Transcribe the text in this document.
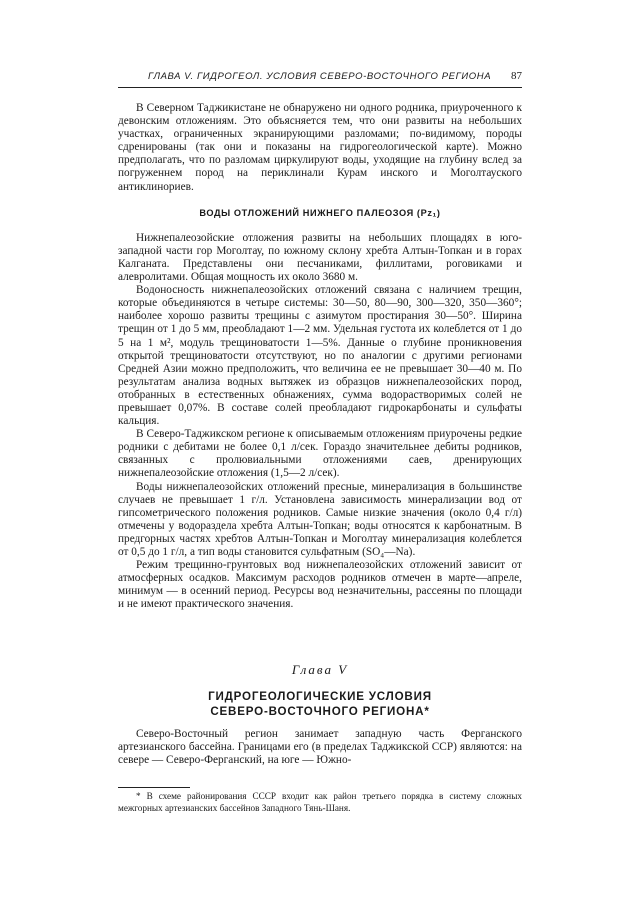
ГЛАВА V. ГИДРОГЕОЛ. УСЛОВИЯ СЕВЕРО-ВОСТОЧНОГО РЕГИОНА 87

В Северном Таджикистане не обнаружено ни одного родника, приуроченного к девонским отложениям. Это объясняется тем, что они развиты на небольших участках, ограниченных экранирующими разломами; по-видимому, породы сдренированы (так они и показаны на гидрогеологической карте). Можно предполагать, что по разломам циркулируют воды, уходящие на глубину вслед за погруженнем пород на периклинали Курам инского и Моголтауского антиклинориев.

ВОДЫ ОТЛОЖЕНИЙ НИЖНЕГО ПАЛЕОЗОЯ (Pz₁)

Нижнепалеозойские отложения развиты на небольших площадях в юго-западной части гор Моголтау, по южному склону хребта Алтын-Топкан и в горах Калганата. Представлены они песчаниками, филлитами, роговиками и алевролитами. Общая мощность их около 3680 м.

Водоносность нижнепалеозойских отложений связана с наличием трещин, которые объединяются в четыре системы: 30—50, 80—90, 300—320, 350—360°; наиболее хорошо развиты трещины с азимутом простирания 30—50°. Ширина трещин от 1 до 5 мм, преобладают 1—2 мм. Удельная густота их колеблется от 1 до 5 на 1 м², модуль трещиноватости 1—5%. Данные о глубине проникновения открытой трещиноватости отсутствуют, но по аналогии с другими регионами Средней Азии можно предположить, что величина ее не превышает 30—40 м. По результатам анализа водных вытяжек из образцов нижнепалеозойских пород, отобранных в естественных обнажениях, сумма водорастворимых солей не превышает 0,07%. В составе солей преобладают гидрокарбонаты и сульфаты кальция.

В Северо-Таджикском регионе к описываемым отложениям приурочены редкие родники с дебитами не более 0,1 л/сек. Гораздо значительнее дебиты родников, связанных с пролювиальными отложениями саев, дренирующих нижнепалеозойские отложения (1,5—2 л/сек).

Воды нижнепалеозойских отложений пресные, минерализация в большинстве случаев не превышает 1 г/л. Установлена зависимость минерализации вод от гипсометрического положения родников. Самые низкие значения (около 0,4 г/л) отмечены у водораздела хребта Алтын-Топкан; воды относятся к карбонатным. В предгорных частях хребтов Алтын-Топкан и Моголтау минерализация колеблется от 0,5 до 1 г/л, а тип воды становится сульфатным (SO₄—Na).

Режим трещинно-грунтовых вод нижнепалеозойских отложений зависит от атмосферных осадков. Максимум расходов родников отмечен в марте—апреле, минимум — в осенний период. Ресурсы вод незначительны, рассеяны по площади и не имеют практического значения.

Глава V
ГИДРОГЕОЛОГИЧЕСКИЕ УСЛОВИЯ
СЕВЕРО-ВОСТОЧНОГО РЕГИОНА*

Северо-Восточный регион занимает западную часть Ферганского артезианского бассейна. Границами его (в пределах Таджикской ССР) являются: на севере — Северо-Ферганский, на юге — Южно-

* В схеме районирования СССР входит как район третьего порядка в систему сложных межгорных артезианских бассейнов Западного Тянь-Шаня.
